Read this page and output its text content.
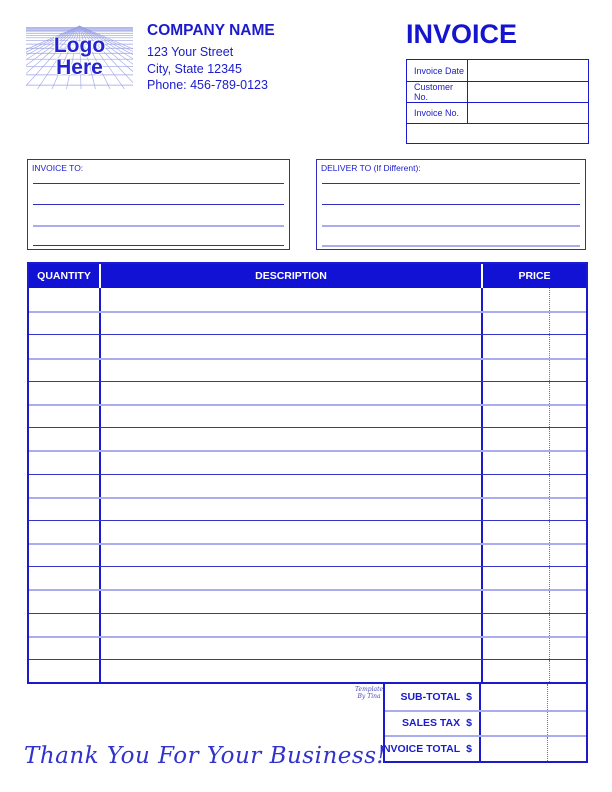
Logo
Here
COMPANY NAME
123 Your Street
City, State 12345
Phone: 456-789-0123
INVOICE
Invoice Date
Customer No.
Invoice No.
INVOICE TO:	DELIVER TO (If Different):
QUANTITY	DESCRIPTION	PRICE
SUB-TOTAL $
SALES TAX $
INVOICE TOTAL $
Template
By Tina
Thank You For Your Business!
